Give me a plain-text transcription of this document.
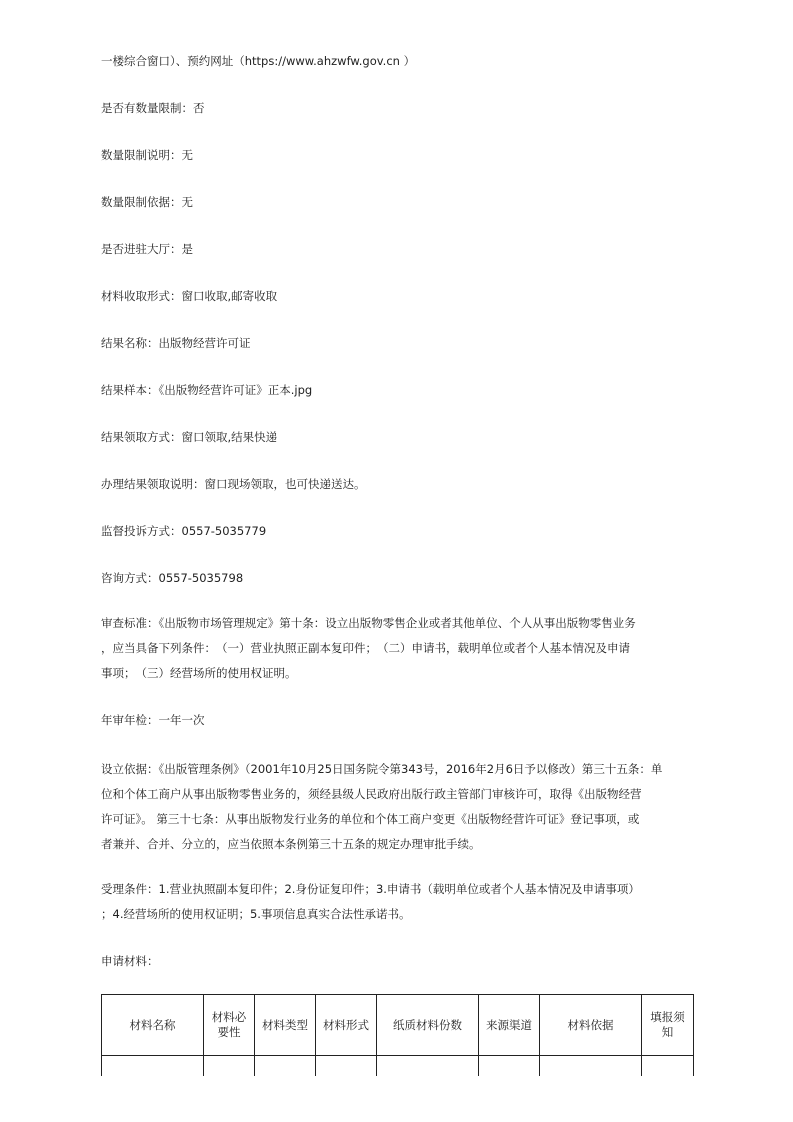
一楼综合窗口）、预约网址（https://www.ahzwfw.gov.cn ）
是否有数量限制：否
数量限制说明：无
数量限制依据：无
是否进驻大厅：是
材料收取形式：窗口收取,邮寄收取
结果名称：出版物经营许可证
结果样本：《出版物经营许可证》正本.jpg
结果领取方式：窗口领取,结果快递
办理结果领取说明：窗口现场领取，也可快递送达。
监督投诉方式：0557-5035779
咨询方式：0557-5035798
审查标准：《出版物市场管理规定》第十条：设立出版物零售企业或者其他单位、个人从事出版物零售业务
，应当具备下列条件：　（一）营业执照正副本复印件；　（二）申请书，载明单位或者个人基本情况及申请
事项；　（三）经营场所的使用权证明。
年审年检：一年一次
设立依据：《出版管理条例》（2001年10月25日国务院令第343号，2016年2月6日予以修改）第三十五条：单
位和个体工商户从事出版物零售业务的，须经县级人民政府出版行政主管部门审核许可，取得《出版物经营
许可证》。 第三十七条：从事出版物发行业务的单位和个体工商户变更《出版物经营许可证》登记事项，或
者兼并、合并、分立的，应当依照本条例第三十五条的规定办理审批手续。
受理条件：1.营业执照副本复印件；2.身份证复印件；3.申请书（载明单位或者个人基本情况及申请事项）
；4.经营场所的使用权证明；5.事项信息真实合法性承诺书。
申请材料：
材料名称	材料必要性	材料类型	材料形式	纸质材料份数	来源渠道	材料依据	填报须知
